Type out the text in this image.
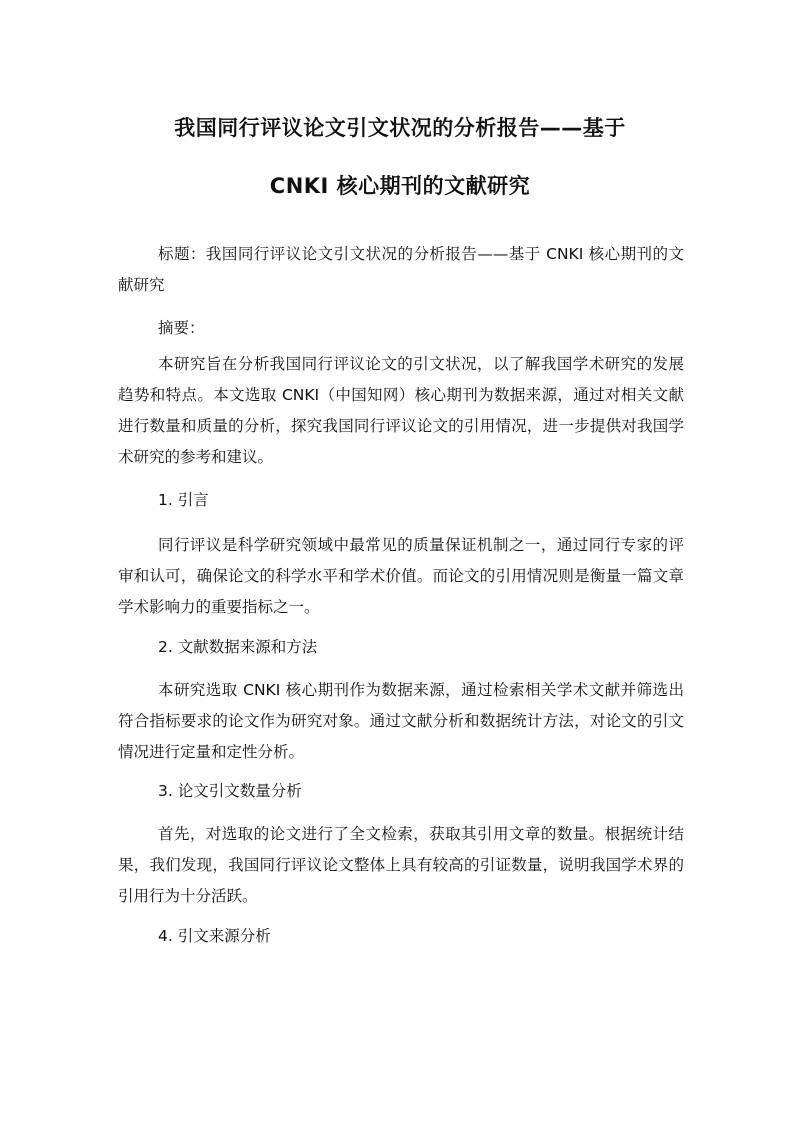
我国同行评议论文引文状况的分析报告——基于
CNKI 核心期刊的文献研究

标题：我国同行评议论文引文状况的分析报告——基于 CNKI 核心期刊的文献研究

摘要：

本研究旨在分析我国同行评议论文的引文状况，以了解我国学术研究的发展趋势和特点。本文选取 CNKI（中国知网）核心期刊为数据来源，通过对相关文献进行数量和质量的分析，探究我国同行评议论文的引用情况，进一步提供对我国学术研究的参考和建议。

1. 引言

同行评议是科学研究领域中最常见的质量保证机制之一，通过同行专家的评审和认可，确保论文的科学水平和学术价值。而论文的引用情况则是衡量一篇文章学术影响力的重要指标之一。

2. 文献数据来源和方法

本研究选取 CNKI 核心期刊作为数据来源，通过检索相关学术文献并筛选出符合指标要求的论文作为研究对象。通过文献分析和数据统计方法，对论文的引文情况进行定量和定性分析。

3. 论文引文数量分析

首先，对选取的论文进行了全文检索，获取其引用文章的数量。根据统计结果，我们发现，我国同行评议论文整体上具有较高的引证数量，说明我国学术界的引用行为十分活跃。

4. 引文来源分析
